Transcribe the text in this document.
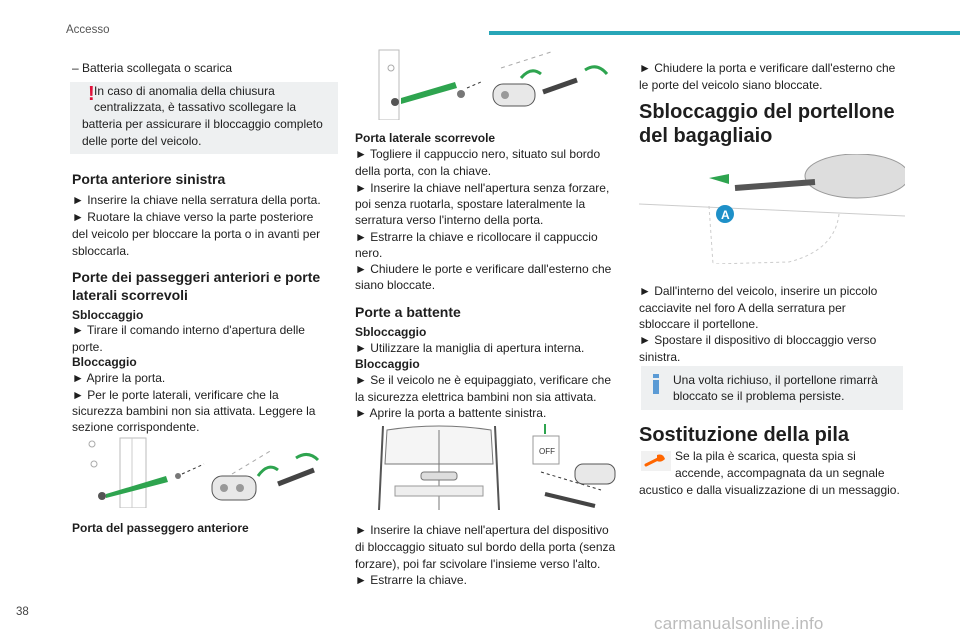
Accesso

– Batteria scollegata o scarica

! In caso di anomalia della chiusura

centralizzata, è tassativo scollegare la

batteria per assicurare il bloccaggio completo

delle porte del veicolo.

Porta anteriore sinistra

► Inserire la chiave nella serratura della porta.

► Ruotare la chiave verso la parte posteriore

del veicolo per bloccare la porta o in avanti per

sbloccarla.

Porte dei passeggeri anteriori e porte

laterali scorrevoli

Sbloccaggio

► Tirare il comando interno d'apertura delle

porte.

Bloccaggio

► Aprire la porta.

► Per le porte laterali, verificare che la

sicurezza bambini non sia attivata. Leggere la

sezione corrispondente.

Porta del passeggero anteriore

Porta laterale scorrevole

► Togliere il cappuccio nero, situato sul bordo

della porta, con la chiave.

► Inserire la chiave nell'apertura senza forzare,

poi senza ruotarla, spostare lateralmente la

serratura verso l'interno della porta.

► Estrarre la chiave e ricollocare il cappuccio

nero.

► Chiudere le porte e verificare dall'esterno che

siano bloccate.

Porte a battente

Sbloccaggio

► Utilizzare la maniglia di apertura interna.

Bloccaggio

► Se il veicolo ne è equipaggiato, verificare che

la sicurezza elettrica bambini non sia attivata.

► Aprire la porta a battente sinistra.

OFF

► Inserire la chiave nell'apertura del dispositivo

di bloccaggio situato sul bordo della porta (senza

forzare), poi far scivolare l'insieme verso l'alto.

► Estrarre la chiave.

► Chiudere la porta e verificare dall'esterno che

le porte del veicolo siano bloccate.

Sbloccaggio del portellone

del bagagliaio

A

► Dall'interno del veicolo, inserire un piccolo

cacciavite nel foro A della serratura per

sbloccare il portellone.

► Spostare il dispositivo di bloccaggio verso

sinistra.

Una volta richiuso, il portellone rimarrà

bloccato se il problema persiste.

Sostituzione della pila

Se la pila è scarica, questa spia si

accende, accompagnata da un segnale

acustico e dalla visualizzazione di un messaggio.

38
carmanualsonline.info
